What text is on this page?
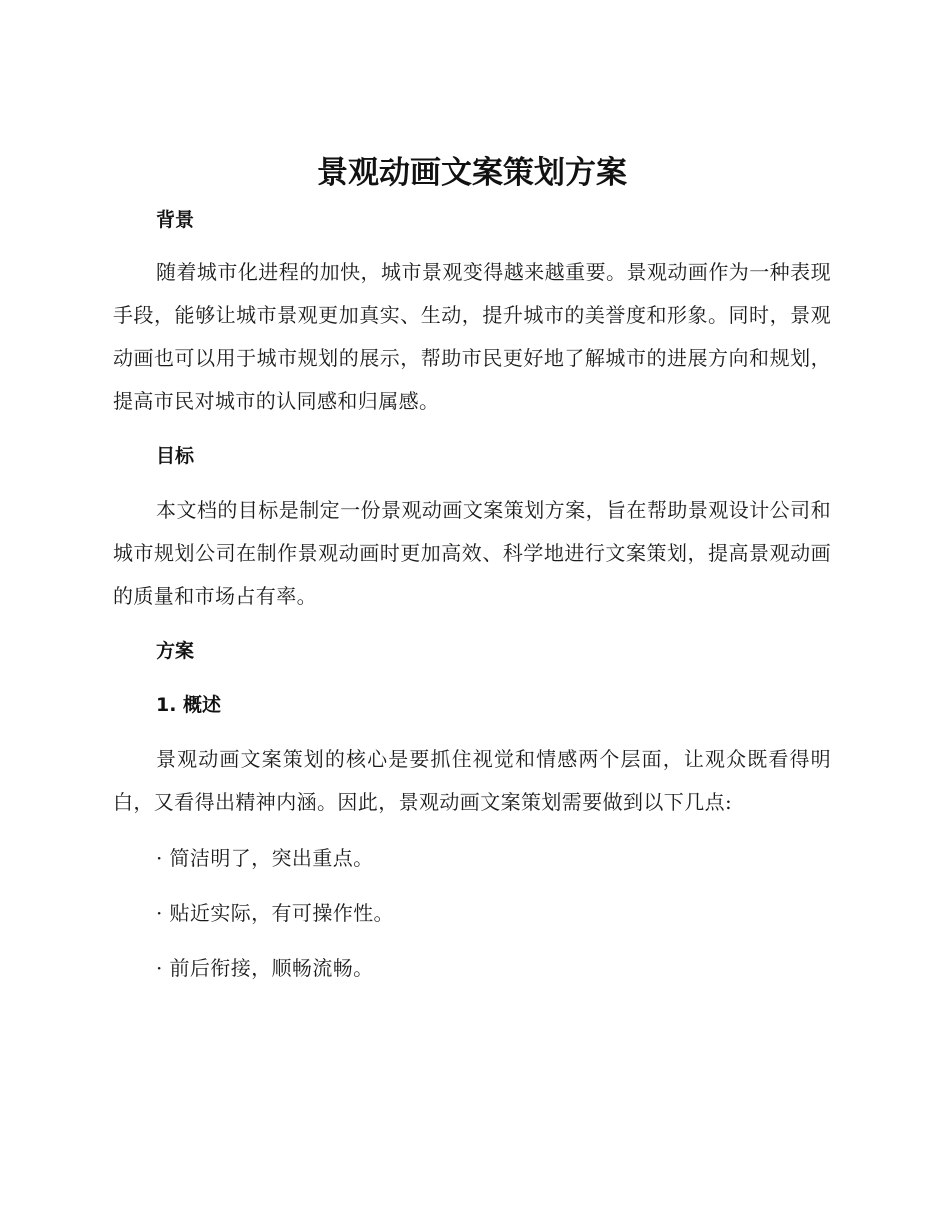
景观动画文案策划方案
背景

随着城市化进程的加快，城市景观变得越来越重要。景观动画作为一种表现手段，能够让城市景观更加真实、生动，提升城市的美誉度和形象。同时，景观动画也可以用于城市规划的展示，帮助市民更好地了解城市的进展方向和规划，提高市民对城市的认同感和归属感。

目标

本文档的目标是制定一份景观动画文案策划方案，旨在帮助景观设计公司和城市规划公司在制作景观动画时更加高效、科学地进行文案策划，提高景观动画的质量和市场占有率。

方案
1. 概述

景观动画文案策划的核心是要抓住视觉和情感两个层面，让观众既看得明白，又看得出精神内涵。因此，景观动画文案策划需要做到以下几点:

· 简洁明了，突出重点。

· 贴近实际，有可操作性。

· 前后衔接，顺畅流畅。
